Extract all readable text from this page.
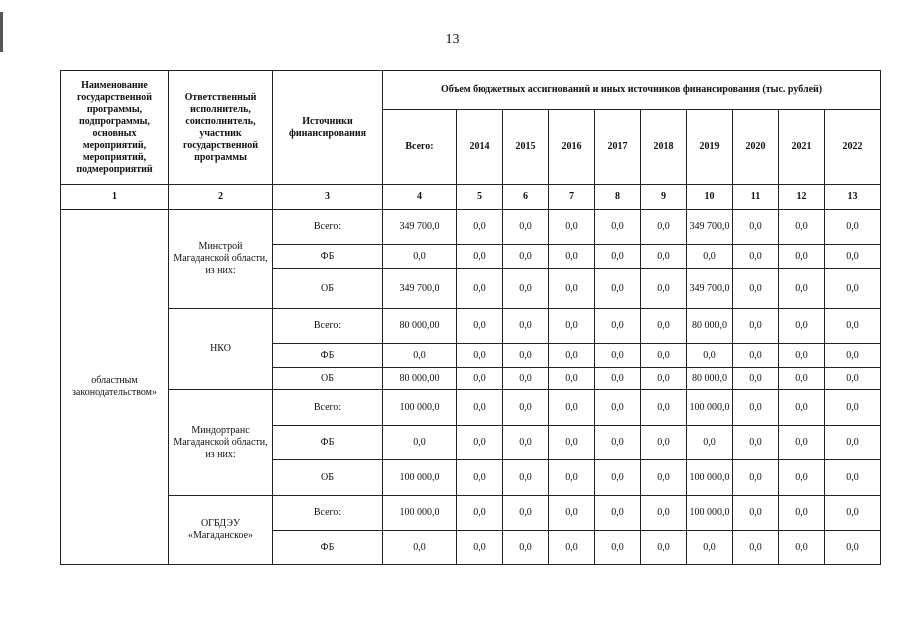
13
Наименование государственной программы, подпрограммы, основных мероприятий, мероприятий, подмероприятий	Ответственный исполнитель, соисполнитель, участник государственной программы	Источники финансирования	Объем бюджетных ассигнований и иных источников финансирования (тыс. рублей)									
			Всего:	2014	2015	2016	2017	2018	2019	2020	2021	2022
1	2	3	4	5	6	7	8	9	10	11	12	13
областным законодательством»	Минстрой Магаданской области, из них:	Всего:	349 700,0	0,0	0,0	0,0	0,0	0,0	349 700,0	0,0	0,0	0,0
		ФБ	0,0	0,0	0,0	0,0	0,0	0,0	0,0	0,0	0,0	0,0
		ОБ	349 700,0	0,0	0,0	0,0	0,0	0,0	349 700,0	0,0	0,0	0,0
	НКО	Всего:	80 000,00	0,0	0,0	0,0	0,0	0,0	80 000,0	0,0	0,0	0,0
		ФБ	0,0	0,0	0,0	0,0	0,0	0,0	0,0	0,0	0,0	0,0
		ОБ	80 000,00	0,0	0,0	0,0	0,0	0,0	80 000,0	0,0	0,0	0,0
	Миндортранс Магаданской области, из них:	Всего:	100 000,0	0,0	0,0	0,0	0,0	0,0	100 000,0	0,0	0,0	0,0
		ФБ	0,0	0,0	0,0	0,0	0,0	0,0	0,0	0,0	0,0	0,0
		ОБ	100 000,0	0,0	0,0	0,0	0,0	0,0	100 000,0	0,0	0,0	0,0
	ОГБДЭУ «Магаданское»	Всего:	100 000,0	0,0	0,0	0,0	0,0	0,0	100 000,0	0,0	0,0	0,0
		ФБ	0,0	0,0	0,0	0,0	0,0	0,0	0,0	0,0	0,0	0,0
